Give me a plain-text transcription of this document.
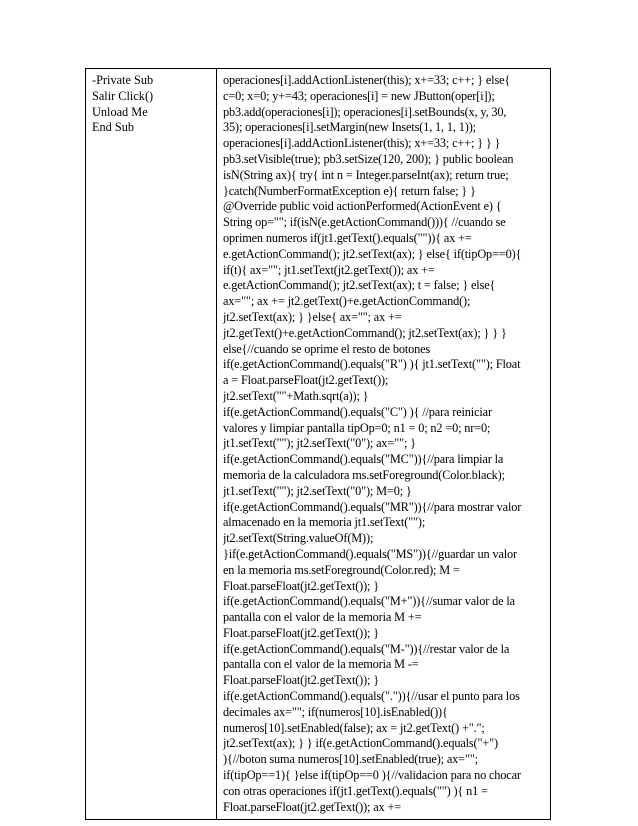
-Private Sub
Salir Click()
Unload Me
End Sub

operaciones[i].addActionListener(this); x+=33; c++; } else{
c=0; x=0; y+=43; operaciones[i] = new JButton(oper[i]);
pb3.add(operaciones[i]); operaciones[i].setBounds(x, y, 30,
35); operaciones[i].setMargin(new Insets(1, 1, 1, 1));
operaciones[i].addActionListener(this); x+=33; c++; } } }
pb3.setVisible(true); pb3.setSize(120, 200); } public boolean
isN(String ax){ try{ int n = Integer.parseInt(ax); return true;
}catch(NumberFormatException e){ return false; } }
@Override public void actionPerformed(ActionEvent e) {
String op=""; if(isN(e.getActionCommand())){ //cuando se
oprimen numeros if(jt1.getText().equals("")){ ax +=
e.getActionCommand(); jt2.setText(ax); } else{ if(tipOp==0){
if(t){ ax=""; jt1.setText(jt2.getText()); ax +=
e.getActionCommand(); jt2.setText(ax); t = false; } else{
ax=""; ax += jt2.getText()+e.getActionCommand();
jt2.setText(ax); } }else{ ax=""; ax +=
jt2.getText()+e.getActionCommand(); jt2.setText(ax); } } }
else{//cuando se oprime el resto de botones
if(e.getActionCommand().equals("R") ){ jt1.setText(""); Float
a = Float.parseFloat(jt2.getText());
jt2.setText(""+Math.sqrt(a)); }
if(e.getActionCommand().equals("C") ){ //para reiniciar
valores y limpiar pantalla tipOp=0; n1 = 0; n2 =0; nr=0;
jt1.setText(""); jt2.setText("0"); ax=""; }
if(e.getActionCommand().equals("MC")){//para limpiar la
memoria de la calculadora ms.setForeground(Color.black);
jt1.setText(""); jt2.setText("0"); M=0; }
if(e.getActionCommand().equals("MR")){//para mostrar valor
almacenado en la memoria jt1.setText("");
jt2.setText(String.valueOf(M));
}if(e.getActionCommand().equals("MS")){//guardar un valor
en la memoria ms.setForeground(Color.red); M =
Float.parseFloat(jt2.getText()); }
if(e.getActionCommand().equals("M+")){//sumar valor de la
pantalla con el valor de la memoria M +=
Float.parseFloat(jt2.getText()); }
if(e.getActionCommand().equals("M-")){//restar valor de la
pantalla con el valor de la memoria M -=
Float.parseFloat(jt2.getText()); }
if(e.getActionCommand().equals(".")){//usar el punto para los
decimales ax=""; if(numeros[10].isEnabled()){
numeros[10].setEnabled(false); ax = jt2.getText() +".";
jt2.setText(ax); } } if(e.getActionCommand().equals("+")
){//boton suma numeros[10].setEnabled(true); ax="";
if(tipOp==1){ }else if(tipOp==0 ){//validacion para no chocar
con otras operaciones if(jt1.getText().equals("") ){ n1 =
Float.parseFloat(jt2.getText()); ax +=
